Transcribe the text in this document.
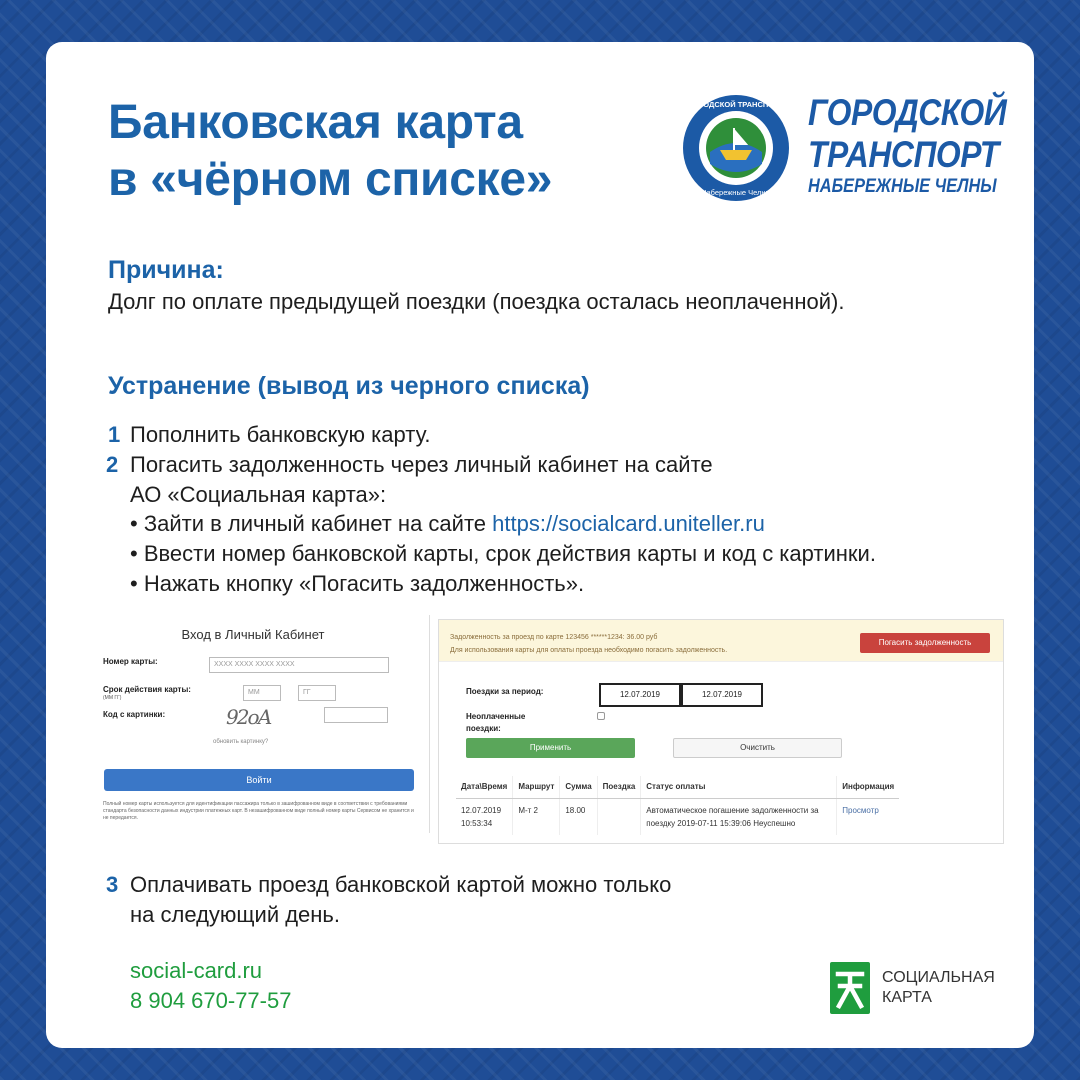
Банковская карта
в «чёрном списке»
ГОРОДСКОЙ ТРАНСПОРТ
Набережные Челны
ГОРОДСКОЙ
ТРАНСПОРТ
НАБЕРЕЖНЫЕ ЧЕЛНЫ
Причина:
Долг по оплате предыдущей поездки (поездка осталась неоплаченной).
Устранение (вывод из черного списка)
1 Пополнить банковскую карту.
2 Погасить задолженность через личный кабинет на сайте
АО «Социальная карта»:
• Зайти в личный кабинет на сайте https://socialcard.uniteller.ru
• Ввести номер банковской карты, срок действия карты и код с картинки.
• Нажать кнопку «Погасить задолженность».
Вход в Личный Кабинет
Номер карты:	XXXX XXXX XXXX XXXX
Срок действия карты:
(ММ ГГ)
ММ	ГГ
Код с картинки:	92оА
обновить картинку?
Войти
Полный номер карты используется для идентификации пассажира только в зашифрованном виде в соответствии с требованиями стандарта безопасности данных индустрии платежных карт. В незашифрованном виде полный номер карты Сервисом не хранится и не передается.
Задолженность за проезд по карте 123456 ******1234: 36.00 руб
Для использования карты для оплаты проезда необходимо погасить задолженность.
Погасить задолженность
Поездки за период:	12.07.2019	12.07.2019
Неоплаченные
поездки:
Применить	Очистить
Дата\Время	Маршрут	Сумма	Поездка	Статус оплаты	Информация

12.07.2019
10:53:34	М-т 2	18.00		Автоматическое погашение задолженности за поездку 2019-07-11 15:39:06 Неуспешно	Просмотр
3 Оплачивать проезд банковской картой можно только
на следующий день.
social-card.ru
8 904 670-77-57
СОЦИАЛЬНАЯ
КАРТА
